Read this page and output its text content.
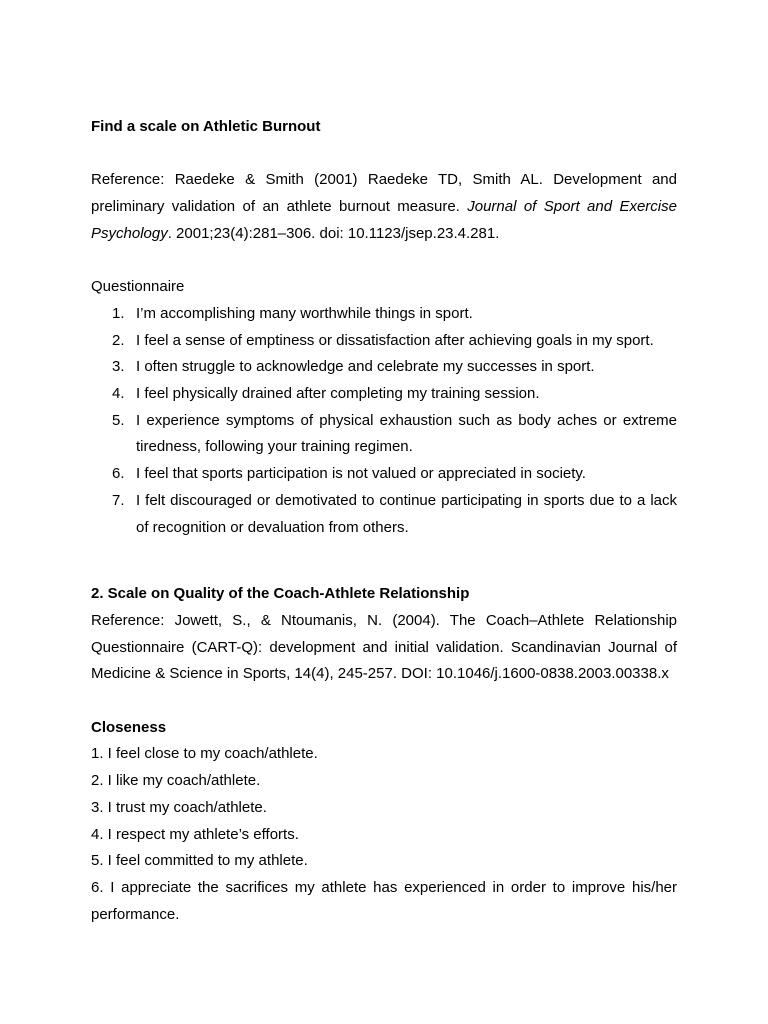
Find a scale on Athletic Burnout
Reference: Raedeke & Smith (2001) Raedeke TD, Smith AL. Development and preliminary validation of an athlete burnout measure. Journal of Sport and Exercise Psychology. 2001;23(4):281–306. doi: 10.1123/jsep.23.4.281.
Questionnaire
1. I’m accomplishing many worthwhile things in sport.
2. I feel a sense of emptiness or dissatisfaction after achieving goals in my sport.
3. I often struggle to acknowledge and celebrate my successes in sport.
4. I feel physically drained after completing my training session.
5. I experience symptoms of physical exhaustion such as body aches or extreme tiredness, following your training regimen.
6. I feel that sports participation is not valued or appreciated in society.
7. I felt discouraged or demotivated to continue participating in sports due to a lack of recognition or devaluation from others.
2. Scale on Quality of the Coach-Athlete Relationship
Reference: Jowett, S., & Ntoumanis, N. (2004). The Coach–Athlete Relationship Questionnaire (CART-Q): development and initial validation. Scandinavian Journal of Medicine & Science in Sports, 14(4), 245-257. DOI: 10.1046/j.1600-0838.2003.00338.x
Closeness
1. I feel close to my coach/athlete.
2. I like my coach/athlete.
3. I trust my coach/athlete.
4. I respect my athlete’s efforts.
5. I feel committed to my athlete.
6. I appreciate the sacrifices my athlete has experienced in order to improve his/her performance.
